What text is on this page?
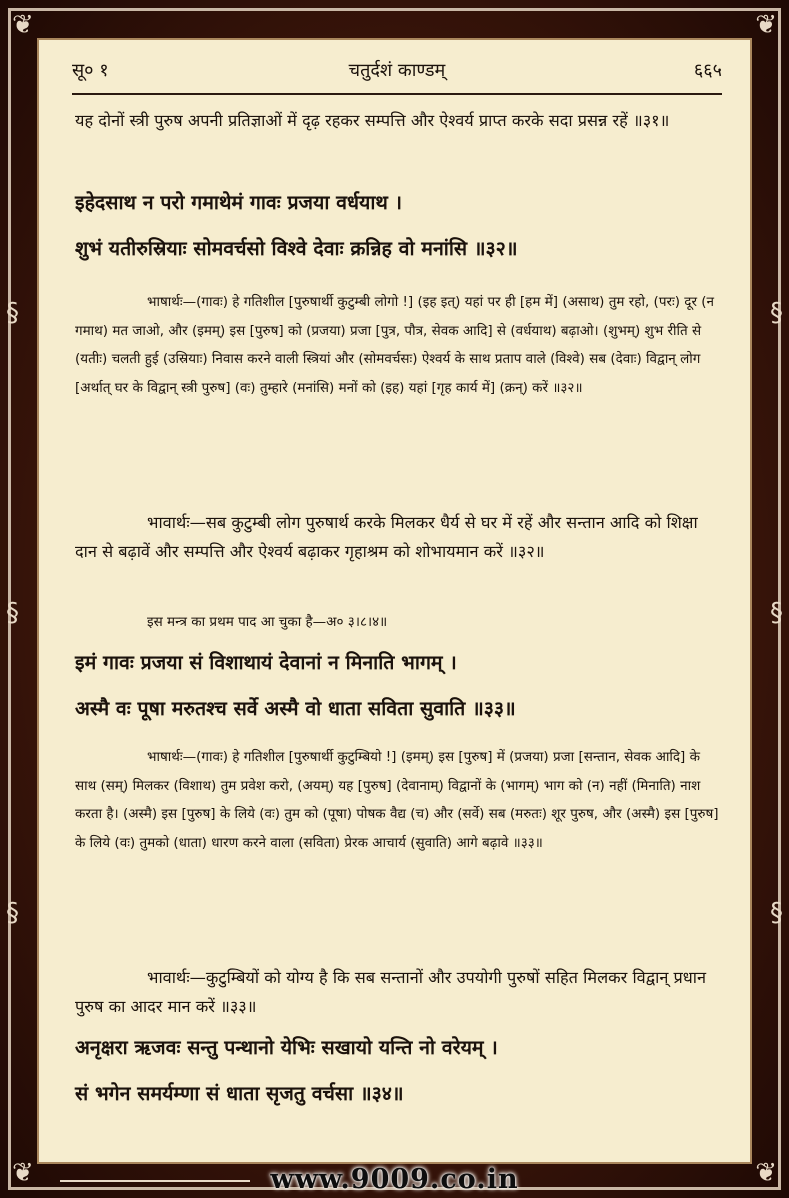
❦	❦
❦	❦
§
§
§
§
§
§
सू० १	चतुर्दशं काण्डम्	६६५

यह दोनों स्त्री पुरुष अपनी प्रतिज्ञाओं में दृढ़ रहकर सम्पत्ति और ऐश्वर्य प्राप्त करके सदा प्रसन्न रहें ॥३१॥

इहेदसाथ न परो गमाथेमं गावः प्रजया वर्धयाथ ।

शुभं यतीरुस्रियाः सोमवर्चसो विश्वे देवाः क्रन्निह वो मनांसि ॥३२॥

भाषार्थः—(गावः) हे गतिशील [पुरुषार्थी कुटुम्बी लोगो !] (इह इत्) यहां पर ही [हम में] (असाथ) तुम रहो, (परः) दूर (न गमाथ) मत जाओ, और (इमम्) इस [पुरुष] को (प्रजया) प्रजा [पुत्र, पौत्र, सेवक आदि] से (वर्धयाथ) बढ़ाओ। (शुभम्) शुभ रीति से (यतीः) चलती हुई (उस्रियाः) निवास करने वाली स्त्रियां और (सोमवर्चसः) ऐश्वर्य के साथ प्रताप वाले (विश्वे) सब (देवाः) विद्वान् लोग [अर्थात् घर के विद्वान् स्त्री पुरुष] (वः) तुम्हारे (मनांसि) मनों को (इह) यहां [गृह कार्य में] (क्रन्) करें ॥३२॥

भावार्थः—सब कुटुम्बी लोग पुरुषार्थ करके मिलकर धैर्य से घर में रहें और सन्तान आदि को शिक्षा दान से बढ़ावें और सम्पत्ति और ऐश्वर्य बढ़ाकर गृहाश्रम को शोभायमान करें ॥३२॥

इस मन्त्र का प्रथम पाद आ चुका है—अ० ३।८।४॥

इमं गावः प्रजया सं विशाथायं देवानां न मिनाति भागम् ।

अस्मै वः पूषा मरुतश्च सर्वे अस्मै वो धाता सविता सुवाति ॥३३॥

भाषार्थः—(गावः) हे गतिशील [पुरुषार्थी कुटुम्बियो !] (इमम्) इस [पुरुष] में (प्रजया) प्रजा [सन्तान, सेवक आदि] के साथ (सम्) मिलकर (विशाथ) तुम प्रवेश करो, (अयम्) यह [पुरुष] (देवानाम्) विद्वानों के (भागम्) भाग को (न) नहीं (मिनाति) नाश करता है। (अस्मै) इस [पुरुष] के लिये (वः) तुम को (पूषा) पोषक वैद्य (च) और (सर्वे) सब (मरुतः) शूर पुरुष, और (अस्मै) इस [पुरुष] के लिये (वः) तुमको (धाता) धारण करने वाला (सविता) प्रेरक आचार्य (सुवाति) आगे बढ़ावे ॥३३॥

भावार्थः—कुटुम्बियों को योग्य है कि सब सन्तानों और उपयोगी पुरुषों सहित मिलकर विद्वान् प्रधान पुरुष का आदर मान करें ॥३३॥

अनृक्षरा ऋजवः सन्तु पन्थानो येभिः सखायो यन्ति नो वरेयम् ।

सं भगेन समर्यम्णा सं धाता सृजतु वर्चसा ॥३४॥

www.9009.co.in
